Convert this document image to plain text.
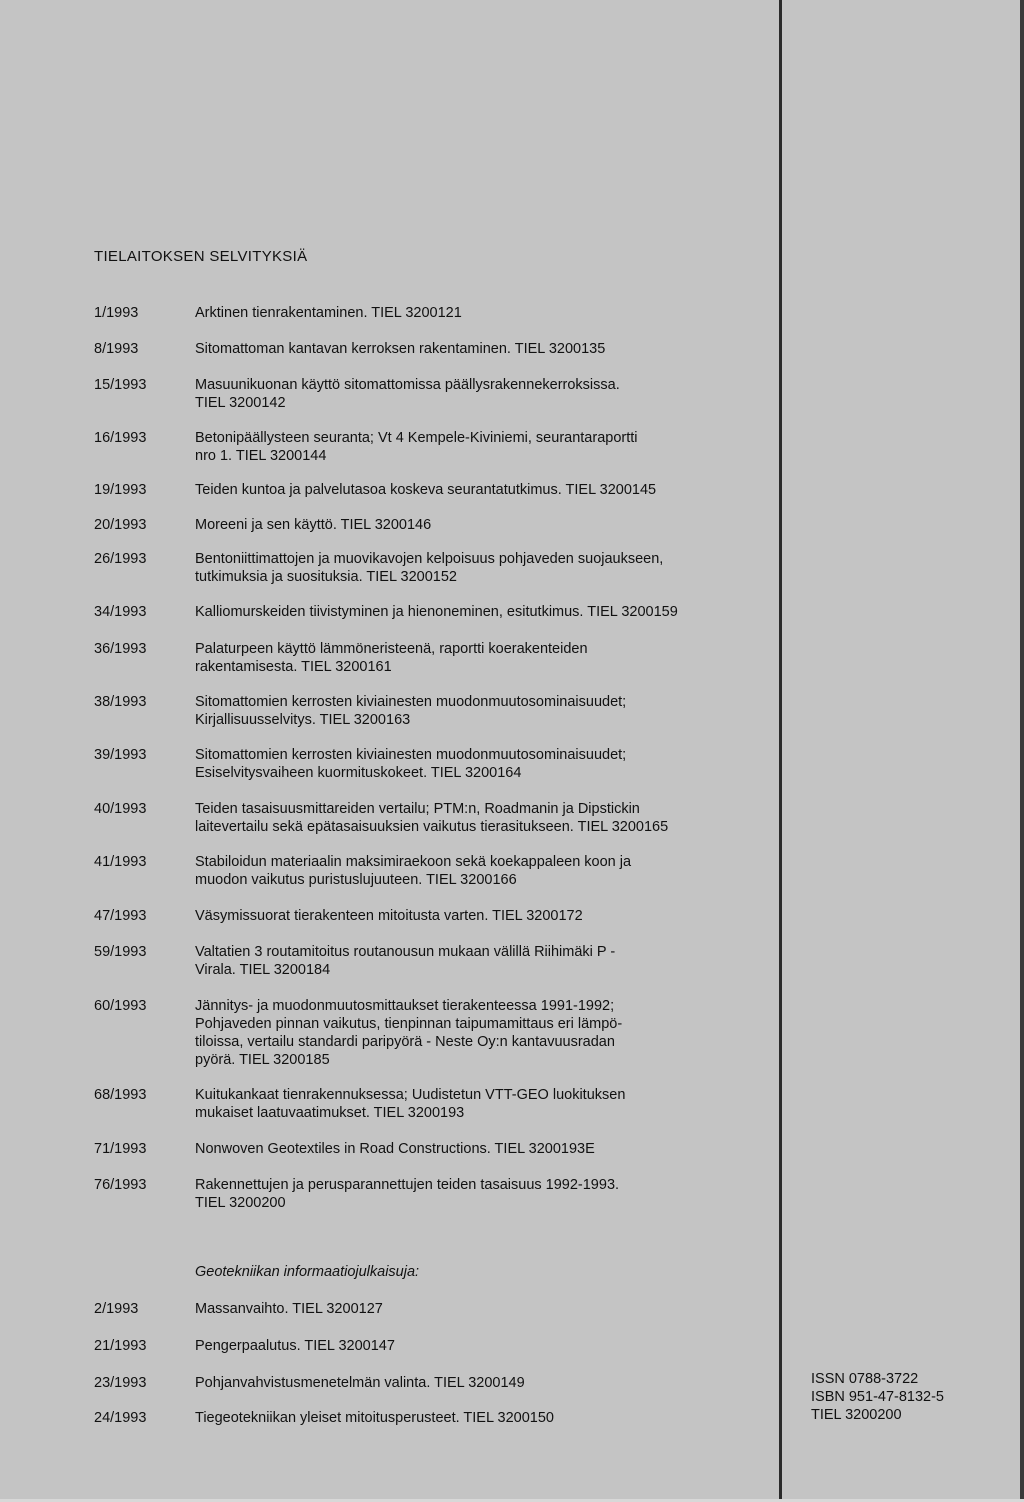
TIELAITOKSEN SELVITYKSIÄ
1/1993	Arktinen tienrakentaminen. TIEL 3200121
8/1993	Sitomattoman kantavan kerroksen rakentaminen. TIEL 3200135
15/1993	Masuunikuonan käyttö sitomattomissa päällysrakennekerroksissa.
TIEL 3200142
16/1993	Betonipäällysteen seuranta; Vt 4 Kempele-Kiviniemi, seurantaraportti
nro 1. TIEL 3200144
19/1993	Teiden kuntoa ja palvelutasoa koskeva seurantatutkimus. TIEL 3200145
20/1993	Moreeni ja sen käyttö. TIEL 3200146
26/1993	Bentoniittimattojen ja muovikavojen kelpoisuus pohjaveden suojaukseen,
tutkimuksia ja suosituksia. TIEL 3200152
34/1993	Kalliomurskeiden tiivistyminen ja hienoneminen, esitutkimus. TIEL 3200159
36/1993	Palaturpeen käyttö lämmöneristeenä, raportti koerakenteiden
rakentamisesta. TIEL 3200161
38/1993	Sitomattomien kerrosten kiviainesten muodonmuutosominaisuudet;
Kirjallisuusselvitys. TIEL 3200163
39/1993	Sitomattomien kerrosten kiviainesten muodonmuutosominaisuudet;
Esiselvitysvaiheen kuormituskokeet. TIEL 3200164
40/1993	Teiden tasaisuusmittareiden vertailu; PTM:n, Roadmanin ja Dipstickin
laitevertailu sekä epätasaisuuksien vaikutus tierasitukseen. TIEL 3200165
41/1993	Stabiloidun materiaalin maksimiraekoon sekä koekappaleen koon ja
muodon vaikutus puristuslujuuteen. TIEL 3200166
47/1993	Väsymissuorat tierakenteen mitoitusta varten. TIEL 3200172
59/1993	Valtatien 3 routamitoitus routanousun mukaan välillä Riihimäki P -
Virala. TIEL 3200184
60/1993	Jännitys- ja muodonmuutosmittaukset tierakenteessa 1991-1992;
Pohjaveden pinnan vaikutus, tienpinnan taipumamittaus eri lämpö-
tiloissa, vertailu standardi paripyörä - Neste Oy:n kantavuusradan
pyörä. TIEL 3200185
68/1993	Kuitukankaat tienrakennuksessa; Uudistetun VTT-GEO luokituksen
mukaiset laatuvaatimukset. TIEL 3200193
71/1993	Nonwoven Geotextiles in Road Constructions. TIEL 3200193E
76/1993	Rakennettujen ja perusparannettujen teiden tasaisuus 1992-1993.
TIEL 3200200
Geotekniikan informaatiojulkaisuja:
2/1993	Massanvaihto. TIEL 3200127
21/1993	Pengerpaalutus. TIEL 3200147
23/1993	Pohjanvahvistusmenetelmän valinta. TIEL 3200149
24/1993	Tiegeotekniikan yleiset mitoitusperusteet. TIEL 3200150
ISSN 0788-3722
ISBN 951-47-8132-5
TIEL 3200200
